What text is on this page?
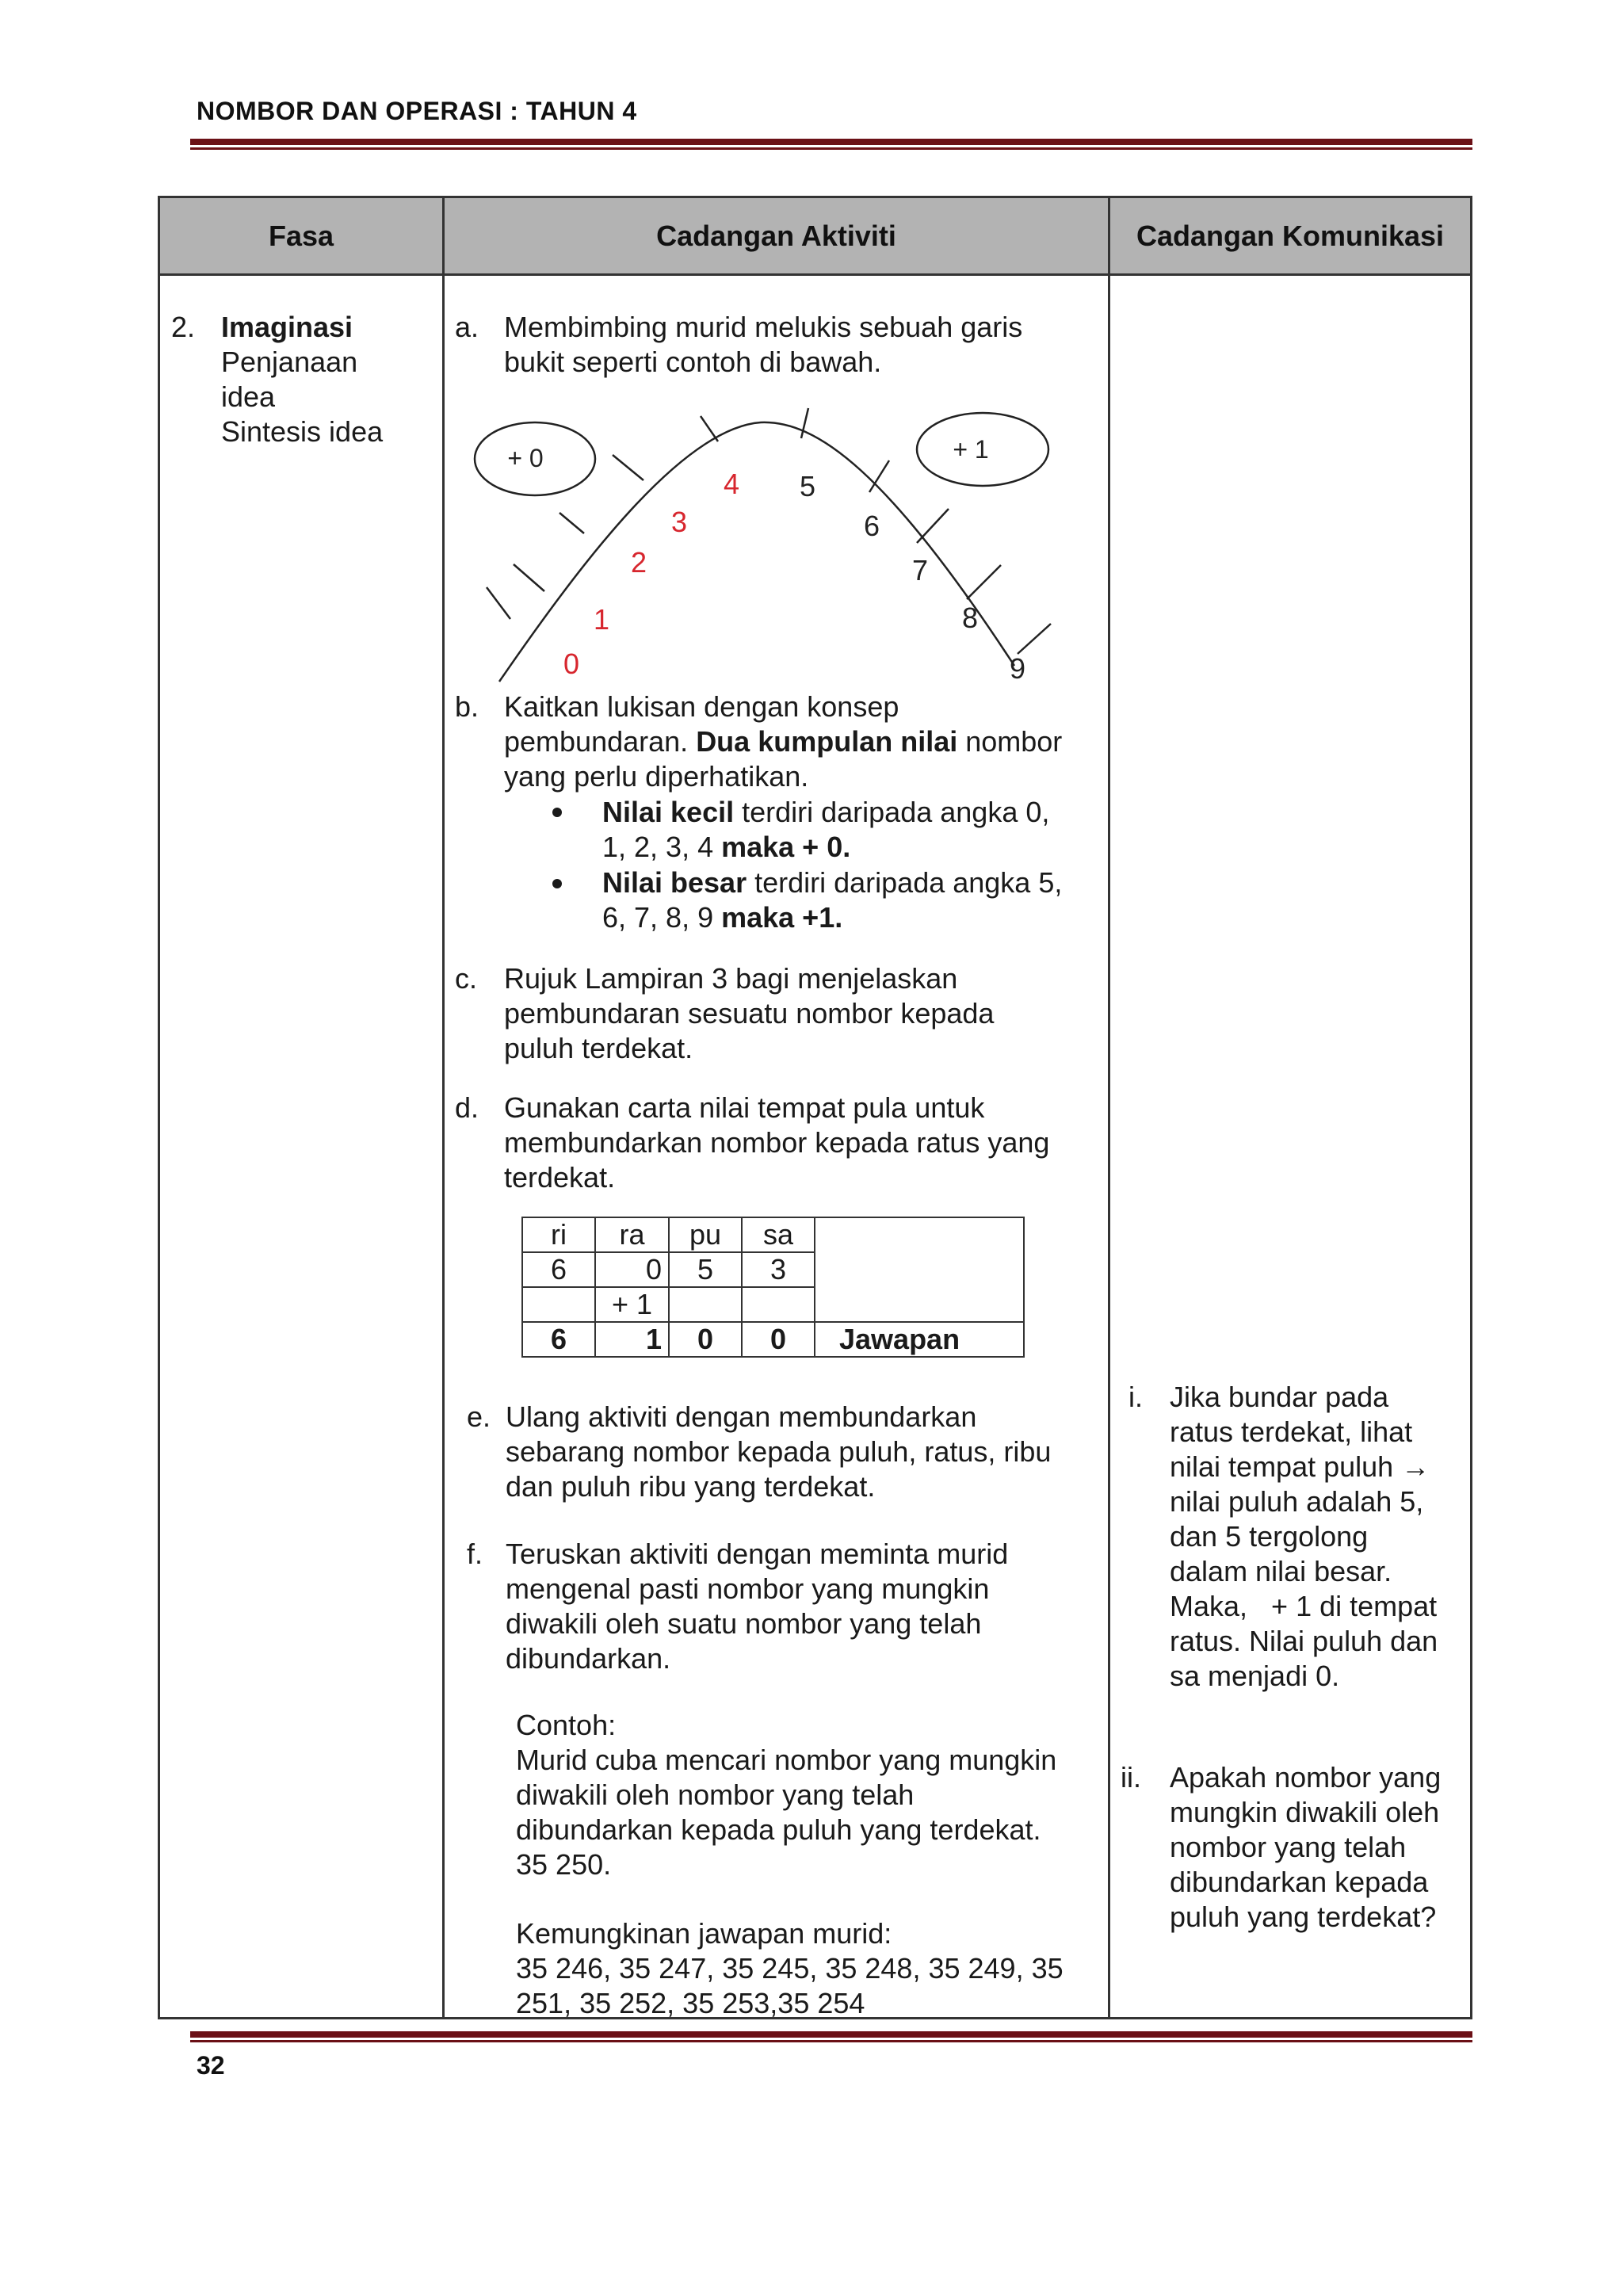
NOMBOR DAN OPERASI : TAHUN 4
Fasa	Cadangan Aktiviti	Cadangan Komunikasi
2. Imaginasi
Penjanaan
idea
Sintesis idea
a. Membimbing murid melukis sebuah garis
bukit seperti contoh di bawah.
+ 0	+ 1
0
1
2
3
4 5
6
7
8
9
b. Kaitkan lukisan dengan konsep
pembundaran. Dua kumpulan nilai nombor
yang perlu diperhatikan.
Nilai kecil terdiri daripada angka 0,
1, 2, 3, 4 maka + 0.
Nilai besar terdiri daripada angka 5,
6, 7, 8, 9 maka +1.
c. Rujuk Lampiran 3 bagi menjelaskan
pembundaran sesuatu nombor kepada
puluh terdekat.
d. Gunakan carta nilai tempat pula untuk
membundarkan nombor kepada ratus yang
terdekat.
ri	ra	pu	sa	
6	0	5	3	
	+ 1			
6	1	0	0	Jawapan
e. Ulang aktiviti dengan membundarkan
sebarang nombor kepada puluh, ratus, ribu
dan puluh ribu yang terdekat.
f. Teruskan aktiviti dengan meminta murid
mengenal pasti nombor yang mungkin
diwakili oleh suatu nombor yang telah
dibundarkan.
Contoh:
Murid cuba mencari nombor yang mungkin
diwakili oleh nombor yang telah
dibundarkan kepada puluh yang terdekat.
35 250.
Kemungkinan jawapan murid:
35 246, 35 247, 35 245, 35 248, 35 249, 35
251, 35 252, 35 253,35 254
i. Jika bundar pada
ratus terdekat, lihat
nilai tempat puluh →
nilai puluh adalah 5,
dan 5 tergolong
dalam nilai besar.
Maka,   + 1 di tempat
ratus. Nilai puluh dan
sa menjadi 0.
ii. Apakah nombor yang
mungkin diwakili oleh
nombor yang telah
dibundarkan kepada
puluh yang terdekat?
32
